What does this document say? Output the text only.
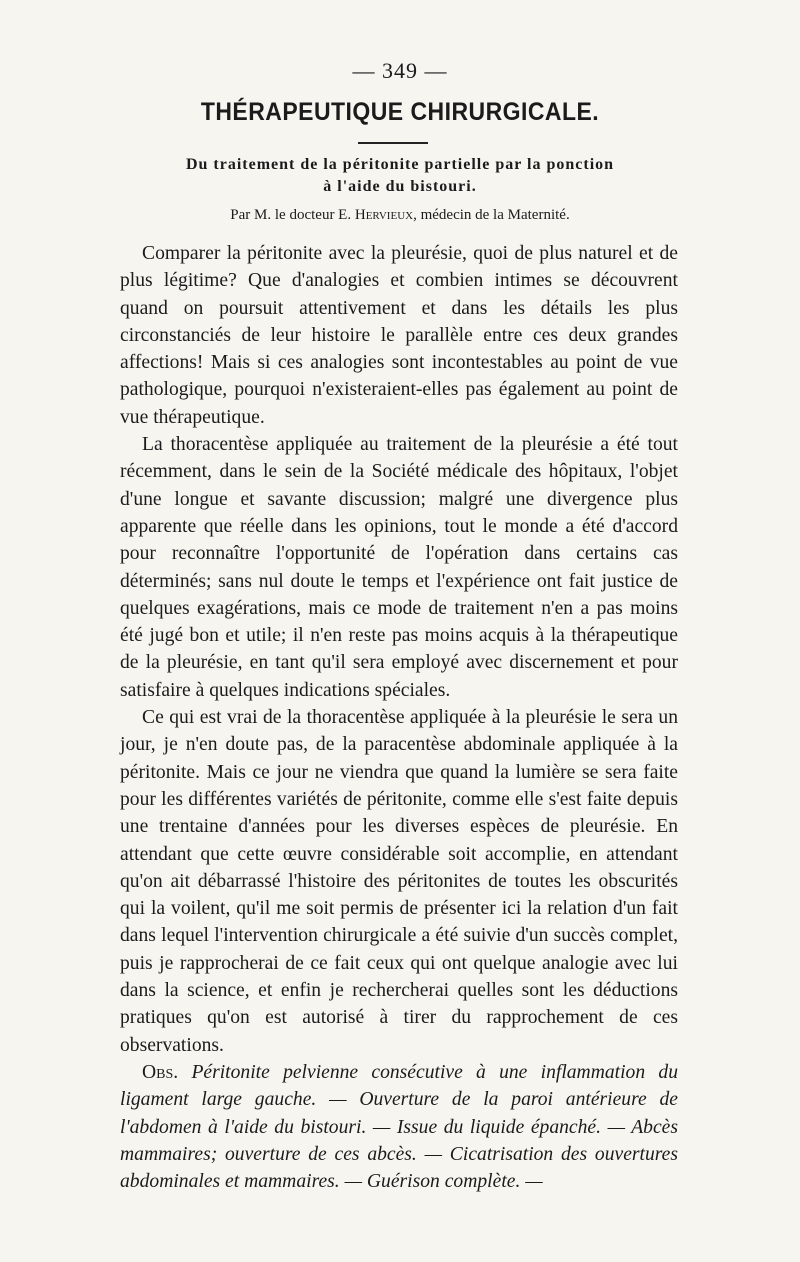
— 349 —
THÉRAPEUTIQUE CHIRURGICALE.
Du traitement de la péritonite partielle par la ponction
à l'aide du bistouri.
Par M. le docteur E. Hervieux, médecin de la Maternité.

Comparer la péritonite avec la pleurésie, quoi de plus naturel et de plus légitime? Que d'analogies et combien intimes se découvrent quand on poursuit attentivement et dans les détails les plus circonstanciés de leur histoire le parallèle entre ces deux grandes affections! Mais si ces analogies sont incontestables au point de vue pathologique, pourquoi n'existeraient-elles pas également au point de vue thérapeutique.

La thoracentèse appliquée au traitement de la pleurésie a été tout récemment, dans le sein de la Société médicale des hôpitaux, l'objet d'une longue et savante discussion; malgré une divergence plus apparente que réelle dans les opinions, tout le monde a été d'accord pour reconnaître l'opportunité de l'opération dans certains cas déterminés; sans nul doute le temps et l'expérience ont fait justice de quelques exagérations, mais ce mode de traitement n'en a pas moins été jugé bon et utile; il n'en reste pas moins acquis à la thérapeutique de la pleurésie, en tant qu'il sera employé avec discernement et pour satisfaire à quelques indications spéciales.

Ce qui est vrai de la thoracentèse appliquée à la pleurésie le sera un jour, je n'en doute pas, de la paracentèse abdominale appliquée à la péritonite. Mais ce jour ne viendra que quand la lumière se sera faite pour les différentes variétés de péritonite, comme elle s'est faite depuis une trentaine d'années pour les diverses espèces de pleurésie. En attendant que cette œuvre considérable soit accomplie, en attendant qu'on ait débarrassé l'histoire des péritonites de toutes les obscurités qui la voilent, qu'il me soit permis de présenter ici la relation d'un fait dans lequel l'intervention chirurgicale a été suivie d'un succès complet, puis je rapprocherai de ce fait ceux qui ont quelque analogie avec lui dans la science, et enfin je rechercherai quelles sont les déductions pratiques qu'on est autorisé à tirer du rapprochement de ces observations.

Obs. Péritonite pelvienne consécutive à une inflammation du ligament large gauche. — Ouverture de la paroi antérieure de l'abdomen à l'aide du bistouri. — Issue du liquide épanché. — Abcès mammaires; ouverture de ces abcès. — Cicatrisation des ouvertures abdominales et mammaires. — Guérison complète. —
